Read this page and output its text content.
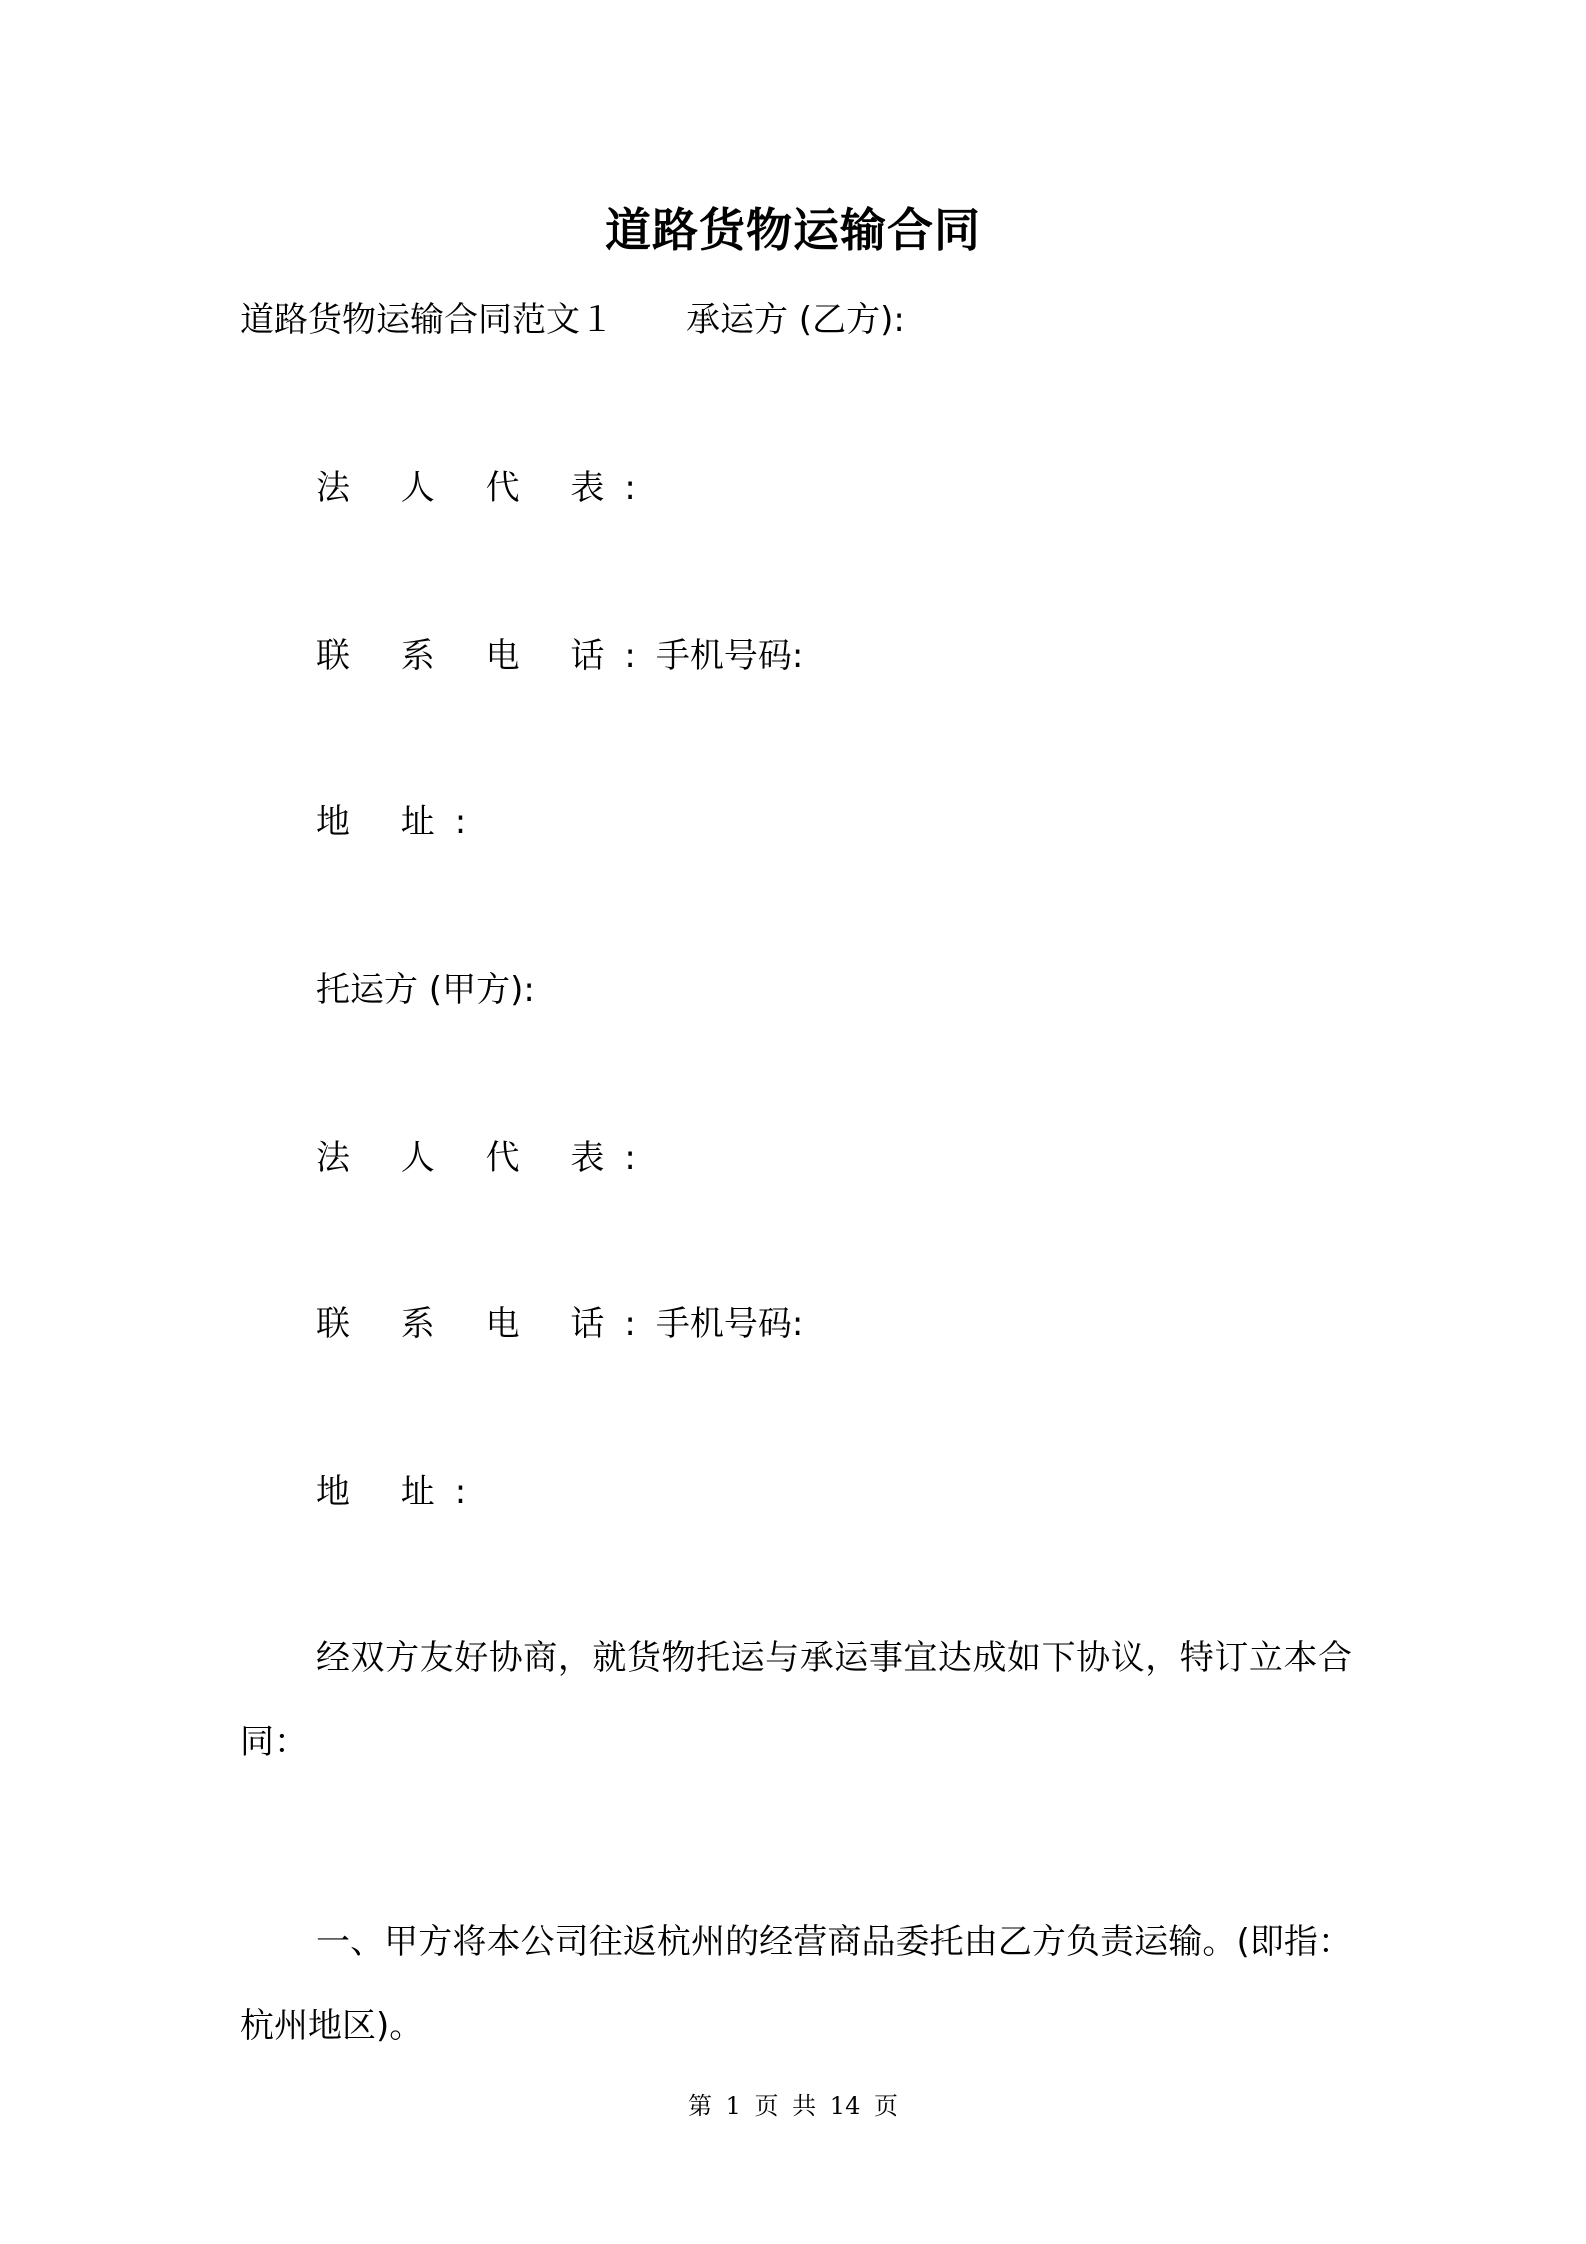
道路货物运输合同
道路货物运输合同范文１ 承运方 (乙方):
法 人 代 表:
联 系 电 话:手机号码:
地 址:
托运方 (甲方):
法 人 代 表:
联 系 电 话:手机号码:
地 址:
经双方友好协商，就货物托运与承运事宜达成如下协议，特订立本合同：
一、甲方将本公司往返杭州的经营商品委托由乙方负责运输。(即指：杭州地区)。
第 1 页 共 14 页
